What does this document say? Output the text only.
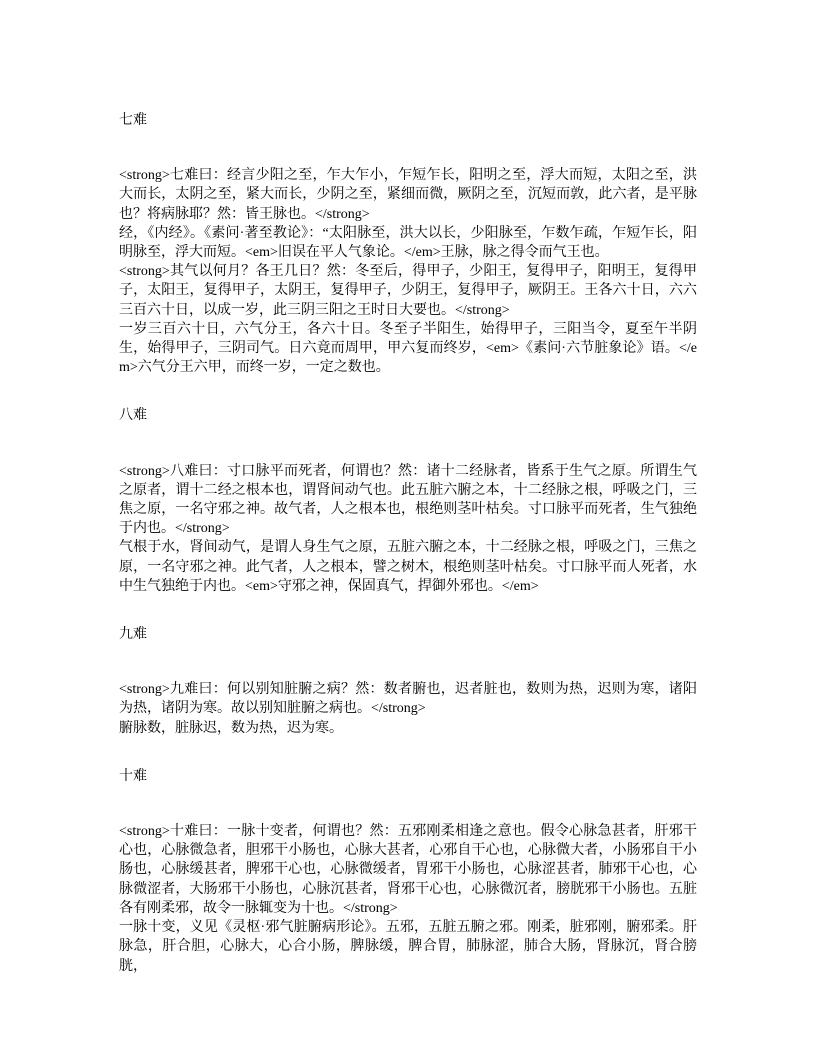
七难

<strong>七难曰：经言少阳之至，乍大乍小，乍短乍长，阳明之至，浮大而短，太阳之至，洪大而长，太阴之至，紧大而长，少阴之至，紧细而微，厥阴之至，沉短而敦，此六者，是平脉也？将病脉耶？然：皆王脉也。</strong>

经，《内经》。《素问·著至教论》：“太阳脉至，洪大以长，少阳脉至，乍数乍疏，乍短乍长，阳明脉至，浮大而短。<em>旧误在平人气象论。</em>王脉，脉之得令而气王也。

<strong>其气以何月？各王几日？然：冬至后，得甲子，少阳王，复得甲子，阳明王，复得甲子，太阳王，复得甲子，太阴王，复得甲子，少阴王，复得甲子，厥阴王。王各六十日，六六三百六十日，以成一岁，此三阴三阳之王时日大要也。</strong>

一岁三百六十日，六气分王，各六十日。冬至子半阳生，始得甲子，三阳当令，夏至午半阴生，始得甲子，三阴司气。日六竟而周甲，甲六复而终岁，<em>《素问·六节脏象论》语。</em>六气分王六甲，而终一岁，一定之数也。

八难

<strong>八难曰：寸口脉平而死者，何谓也？然：诸十二经脉者，皆系于生气之原。所谓生气之原者，谓十二经之根本也，谓肾间动气也。此五脏六腑之本，十二经脉之根，呼吸之门，三焦之原，一名守邪之神。故气者，人之根本也，根绝则茎叶枯矣。寸口脉平而死者，生气独绝于内也。</strong>

气根于水，肾间动气，是谓人身生气之原，五脏六腑之本，十二经脉之根，呼吸之门，三焦之原，一名守邪之神。此气者，人之根本，譬之树木，根绝则茎叶枯矣。寸口脉平而人死者，水中生气独绝于内也。<em>守邪之神，保固真气，捍御外邪也。</em>

九难

<strong>九难曰：何以别知脏腑之病？然：数者腑也，迟者脏也，数则为热，迟则为寒，诸阳为热，诸阴为寒。故以别知脏腑之病也。</strong>

腑脉数，脏脉迟，数为热，迟为寒。

十难

<strong>十难曰：一脉十变者，何谓也？然：五邪刚柔相逢之意也。假令心脉急甚者，肝邪干心也，心脉微急者，胆邪干小肠也，心脉大甚者，心邪自干心也，心脉微大者，小肠邪自干小肠也，心脉缓甚者，脾邪干心也，心脉微缓者，胃邪干小肠也，心脉涩甚者，肺邪干心也，心脉微涩者，大肠邪干小肠也，心脉沉甚者，肾邪干心也，心脉微沉者，膀胱邪干小肠也。五脏各有刚柔邪，故令一脉辄变为十也。</strong>

一脉十变，义见《灵枢·邪气脏腑病形论》。五邪，五脏五腑之邪。刚柔，脏邪刚，腑邪柔。肝脉急，肝合胆，心脉大，心合小肠，脾脉缓，脾合胃，肺脉涩，肺合大肠，肾脉沉，肾合膀胱，
